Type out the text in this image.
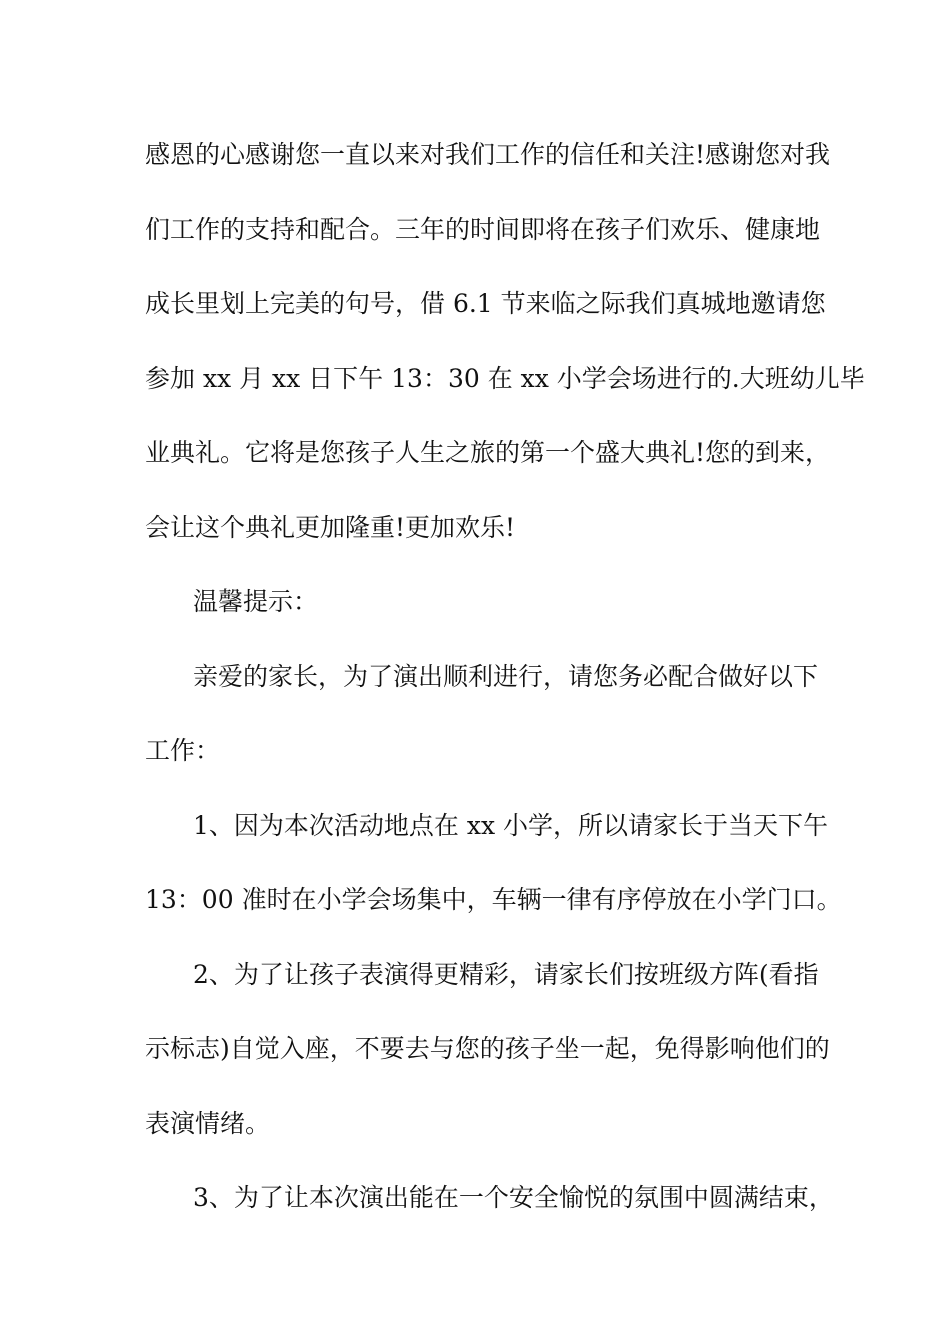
感恩的心感谢您一直以来对我们工作的信任和关注!感谢您对我
们工作的支持和配合。三年的时间即将在孩子们欢乐、健康地
成长里划上完美的句号，借 6.1 节来临之际我们真城地邀请您
参加 xx 月 xx 日下午 13：30 在 xx 小学会场进行的.大班幼儿毕
业典礼。它将是您孩子人生之旅的第一个盛大典礼!您的到来，
会让这个典礼更加隆重!更加欢乐!
温馨提示：
亲爱的家长，为了演出顺利进行，请您务必配合做好以下
工作：
1、因为本次活动地点在 xx 小学，所以请家长于当天下午
13：00 准时在小学会场集中，车辆一律有序停放在小学门口。
2、为了让孩子表演得更精彩，请家长们按班级方阵(看指
示标志)自觉入座，不要去与您的孩子坐一起，免得影响他们的
表演情绪。
3、为了让本次演出能在一个安全愉悦的氛围中圆满结束，
